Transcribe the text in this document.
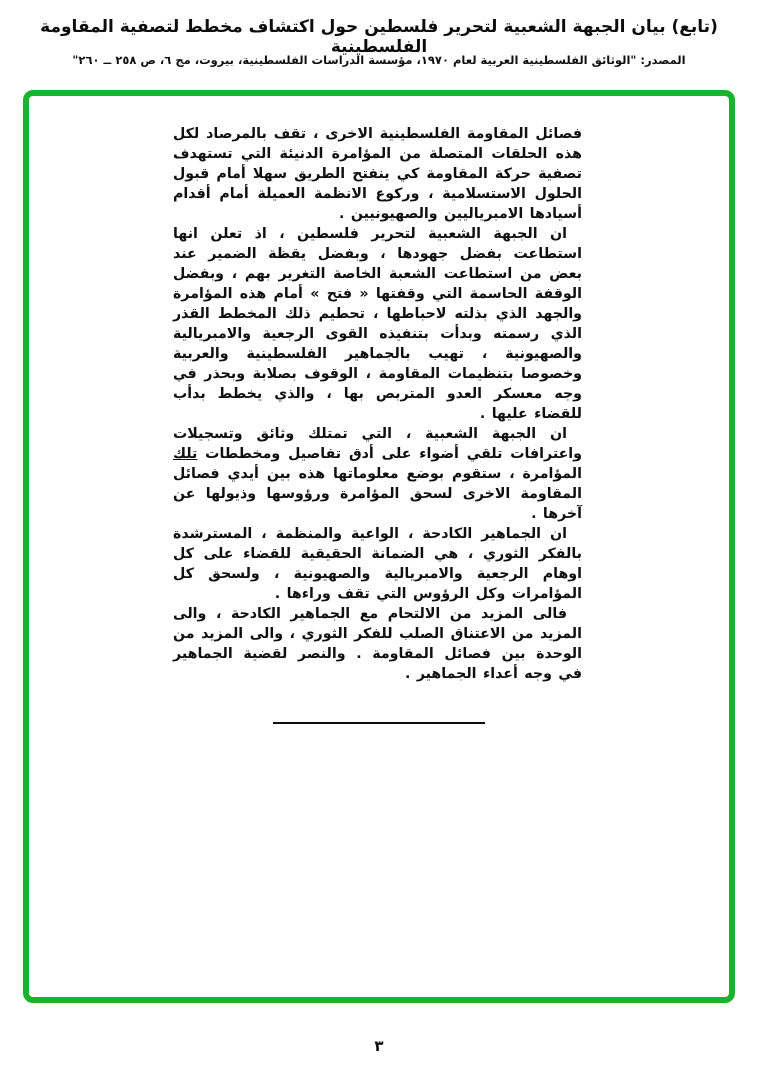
(تابع) بيان الجبهة الشعبية لتحرير فلسطين حول اكتشاف مخطط لتصفية المقاومة الفلسطينية
المصدر: "الوثائق الفلسطينية العربية لعام ١٩٧٠، مؤسسة الدراسات الفلسطينية، بيروت، مج ٦، ص ٢٥٨ ــ ٢٦٠"

فصائل المقاومة الفلسطينية الاخرى ، تقف بالمرصاد لكل هذه الحلقات المتصلة من المؤامرة الدنيئة التي تستهدف تصفية حركة المقاومة كي ينفتح الطريق سهلا أمام قبول الحلول الاستسلامية ، وركوع الانظمة العميلة أمام أقدام أسيادها الامبرياليين والصهيونيين .

ان الجبهة الشعبية لتحرير فلسطين ، اذ تعلن انها استطاعت بفضل جهودها ، وبفضل يقظة الضمير عند بعض من استطاعت الشعبة الخاصة التغرير بهم ، وبفضل الوقفة الحاسمة التي وقفتها « فتح » أمام هذه المؤامرة والجهد الذي بذلته لاحباطها ، تحطيم ذلك المخطط القذر الذي رسمته وبدأت بتنفيذه القوى الرجعية والامبريالية والصهيونية ، تهيب بالجماهير الفلسطينية والعربية وخصوصا بتنظيمات المقاومة ، الوقوف بصلابة وبحذر في وجه معسكر العدو المتربص بها ، والذي يخطط بدأب للقضاء عليها .

ان الجبهة الشعبية ، التي تمتلك وثائق وتسجيلات واعترافات تلقي أضواء على أدق تفاصيل ومخططات تلك المؤامرة ، ستقوم بوضع معلوماتها هذه بين أيدي فصائل المقاومة الاخرى لسحق المؤامرة ورؤوسها وذيولها عن آخرها .

ان الجماهير الكادحة ، الواعية والمنظمة ، المسترشدة بالفكر الثوري ، هي الضمانة الحقيقية للقضاء على كل اوهام الرجعية والامبريالية والصهيونية ، ولسحق كل المؤامرات وكل الرؤوس التي تقف وراءها .

فالى المزيد من الالتحام مع الجماهير الكادحة ، والى المزيد من الاعتناق الصلب للفكر الثوري ، والى المزيد من الوحدة بين فصائل المقاومة . والنصر لقضية الجماهير في وجه أعداء الجماهير .

٣
